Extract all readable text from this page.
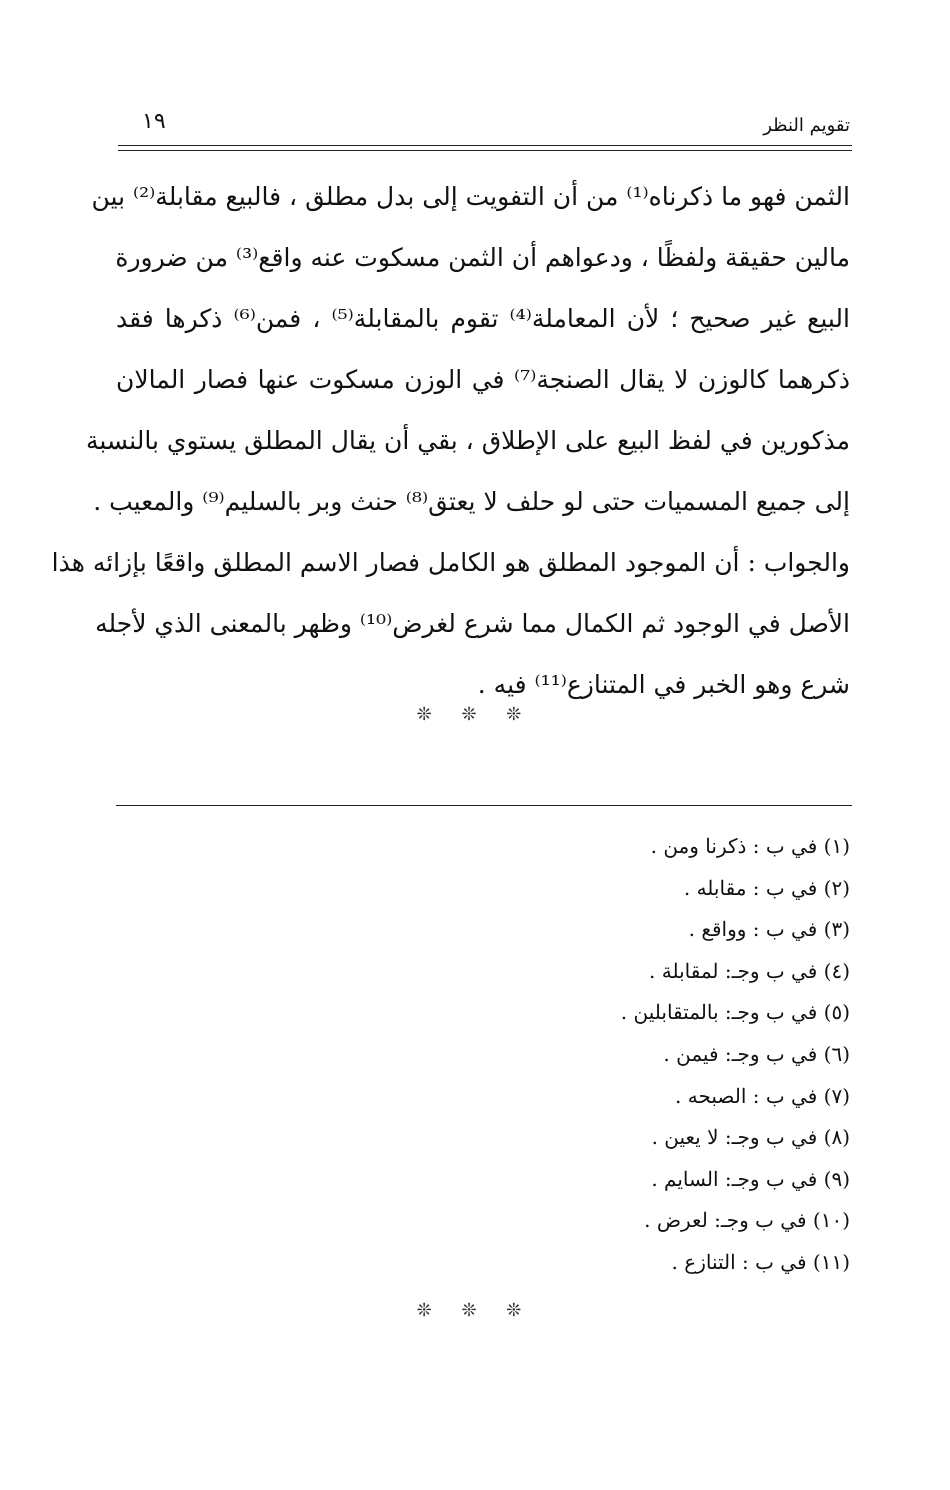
تقويم النظر
١٩
الثمن فهو ما ذكرناه⁽¹⁾ من أن التفويت إلى بدل مطلق ، فالبيع مقابلة⁽²⁾ بين
مالين حقيقة ولفظًا ، ودعواهم أن الثمن مسكوت عنه واقع⁽³⁾ من ضرورة
البيع غير صحيح ؛ لأن المعاملة⁽⁴⁾ تقوم بالمقابلة⁽⁵⁾ ، فمن⁽⁶⁾ ذكرها فقد
ذكرهما كالوزن لا يقال الصنجة⁽⁷⁾ في الوزن مسكوت عنها فصار المالان
مذكورين في لفظ البيع على الإطلاق ، بقي أن يقال المطلق يستوي بالنسبة
إلى جميع المسميات حتى لو حلف لا يعتق⁽⁸⁾ حنث وبر بالسليم⁽⁹⁾ والمعيب .
والجواب : أن الموجود المطلق هو الكامل فصار الاسم المطلق واقعًا بإزائه هذا
الأصل في الوجود ثم الكمال مما شرع لغرض⁽¹⁰⁾ وظهر بالمعنى الذي لأجله
شرع وهو الخبر في المتنازع⁽¹¹⁾ فيه .
❊ ❊ ❊
(١) في ب : ذكرنا ومن .
(٢) في ب : مقابله .
(٣) في ب : وواقع .
(٤) في ب وجـ: لمقابلة .
(٥) في ب وجـ: بالمتقابلين .
(٦) في ب وجـ: فيمن .
(٧) في ب : الصبحه .
(٨) في ب وجـ: لا يعين .
(٩) في ب وجـ: السايم .
(١٠) في ب وجـ: لعرض .
(١١) في ب : التنازع .
❊ ❊ ❊
